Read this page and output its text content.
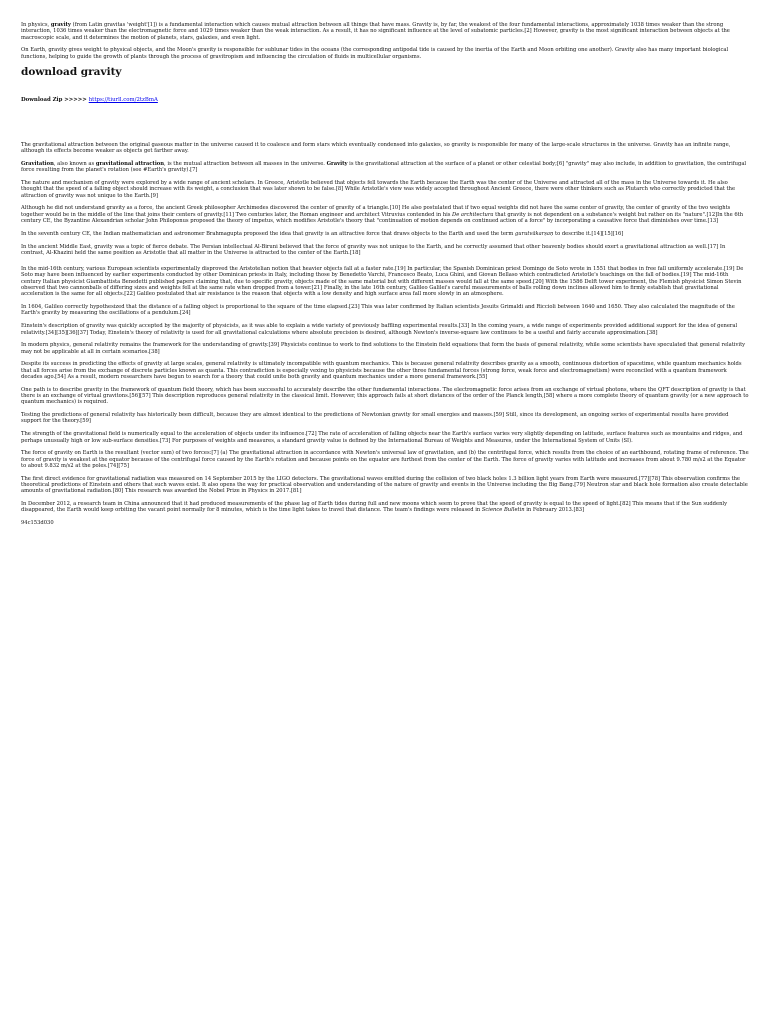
In physics, gravity (from Latin gravitas 'weight'[1]) is a fundamental interaction which causes mutual attraction between all things that have mass. Gravity is, by far, the weakest of the four fundamental interactions, approximately 1038 times weaker than the strong interaction, 1036 times weaker than the electromagnetic force and 1029 times weaker than the weak interaction. As a result, it has no significant influence at the level of subatomic particles.[2] However, gravity is the most significant interaction between objects at the macroscopic scale, and it determines the motion of planets, stars, galaxies, and even light.

On Earth, gravity gives weight to physical objects, and the Moon's gravity is responsible for sublunar tides in the oceans (the corresponding antipodal tide is caused by the inertia of the Earth and Moon orbiting one another). Gravity also has many important biological functions, helping to guide the growth of plants through the process of gravitropism and influencing the circulation of fluids in multicellular organisms.

download gravity

Download Zip >>>>> https://tiurll.com/2tzBmA

The gravitational attraction between the original gaseous matter in the universe caused it to coalesce and form stars which eventually condensed into galaxies, so gravity is responsible for many of the large-scale structures in the universe. Gravity has an infinite range, although its effects become weaker as objects get farther away.

Gravitation, also known as gravitational attraction, is the mutual attraction between all masses in the universe. Gravity is the gravitational attraction at the surface of a planet or other celestial body;[6] "gravity" may also include, in addition to gravitation, the centrifugal force resulting from the planet's rotation (see #Earth's gravity).[7]

The nature and mechanism of gravity were explored by a wide range of ancient scholars. In Greece, Aristotle believed that objects fell towards the Earth because the Earth was the center of the Universe and attracted all of the mass in the Universe towards it. He also thought that the speed of a falling object should increase with its weight, a conclusion that was later shown to be false.[8] While Aristotle's view was widely accepted throughout Ancient Greece, there were other thinkers such as Plutarch who correctly predicted that the attraction of gravity was not unique to the Earth.[9]

Although he did not understand gravity as a force, the ancient Greek philosopher Archimedes discovered the center of gravity of a triangle.[10] He also postulated that if two equal weights did not have the same center of gravity, the center of gravity of the two weights together would be in the middle of the line that joins their centers of gravity.[11] Two centuries later, the Roman engineer and architect Vitruvius contended in his De architectura that gravity is not dependent on a substance's weight but rather on its "nature".[12]In the 6th century CE, the Byzantine Alexandrian scholar John Philoponus proposed the theory of impetus, which modifies Aristotle's theory that "continuation of motion depends on continued action of a force" by incorporating a causative force that diminishes over time.[13]

In the seventh century CE, the Indian mathematician and astronomer Brahmagupta proposed the idea that gravity is an attractive force that draws objects to the Earth and used the term gurutvākarṣaṇ to describe it.[14][15][16]

In the ancient Middle East, gravity was a topic of fierce debate. The Persian intellectual Al-Biruni believed that the force of gravity was not unique to the Earth, and he correctly assumed that other heavenly bodies should exert a gravitational attraction as well.[17] In contrast, Al-Khazini held the same position as Aristotle that all matter in the Universe is attracted to the center of the Earth.[18]

In the mid-16th century, various European scientists experimentally disproved the Aristotelian notion that heavier objects fall at a faster rate.[19] In particular, the Spanish Dominican priest Domingo de Soto wrote in 1551 that bodies in free fall uniformly accelerate.[19] De Soto may have been influenced by earlier experiments conducted by other Dominican priests in Italy, including those by Benedetto Varchi, Francesco Beato, Luca Ghini, and Giovan Bellaso which contradicted Aristotle's teachings on the fall of bodies.[19] The mid-16th century Italian physicist Giambattista Benedetti published papers claiming that, due to specific gravity, objects made of the same material but with different masses would fall at the same speed.[20] With the 1586 Delft tower experiment, the Flemish physicist Simon Stevin observed that two cannonballs of differing sizes and weights fell at the same rate when dropped from a tower.[21] Finally, in the late 16th century, Galileo Galilei's careful measurements of balls rolling down inclines allowed him to firmly establish that gravitational acceleration is the same for all objects.[22] Galileo postulated that air resistance is the reason that objects with a low density and high surface area fall more slowly in an atmosphere.

In 1604, Galileo correctly hypothesized that the distance of a falling object is proportional to the square of the time elapsed.[23] This was later confirmed by Italian scientists Jesuits Grimaldi and Riccioli between 1640 and 1650. They also calculated the magnitude of the Earth's gravity by measuring the oscillations of a pendulum.[24]

Einstein's description of gravity was quickly accepted by the majority of physicists, as it was able to explain a wide variety of previously baffling experimental results.[33] In the coming years, a wide range of experiments provided additional support for the idea of general relativity.[34][35][36][37] Today, Einstein's theory of relativity is used for all gravitational calculations where absolute precision is desired, although Newton's inverse-square law continues to be a useful and fairly accurate approximation.[38]

In modern physics, general relativity remains the framework for the understanding of gravity.[39] Physicists continue to work to find solutions to the Einstein field equations that form the basis of general relativity, while some scientists have speculated that general relativity may not be applicable at all in certain scenarios.[38]

Despite its success in predicting the effects of gravity at large scales, general relativity is ultimately incompatible with quantum mechanics. This is because general relativity describes gravity as a smooth, continuous distortion of spacetime, while quantum mechanics holds that all forces arise from the exchange of discrete particles known as quanta. This contradiction is especially vexing to physicists because the other three fundamental forces (strong force, weak force and electromagnetism) were reconciled with a quantum framework decades ago.[54] As a result, modern researchers have begun to search for a theory that could unite both gravity and quantum mechanics under a more general framework.[55]

One path is to describe gravity in the framework of quantum field theory, which has been successful to accurately describe the other fundamental interactions. The electromagnetic force arises from an exchange of virtual photons, where the QFT description of gravity is that there is an exchange of virtual gravitons.[56][57] This description reproduces general relativity in the classical limit. However, this approach fails at short distances of the order of the Planck length,[58] where a more complete theory of quantum gravity (or a new approach to quantum mechanics) is required.

Testing the predictions of general relativity has historically been difficult, because they are almost identical to the predictions of Newtonian gravity for small energies and masses.[59] Still, since its development, an ongoing series of experimental results have provided support for the theory.[59]

The strength of the gravitational field is numerically equal to the acceleration of objects under its influence.[72] The rate of acceleration of falling objects near the Earth's surface varies very slightly depending on latitude, surface features such as mountains and ridges, and perhaps unusually high or low sub-surface densities.[73] For purposes of weights and measures, a standard gravity value is defined by the International Bureau of Weights and Measures, under the International System of Units (SI).

The force of gravity on Earth is the resultant (vector sum) of two forces:[7] (a) The gravitational attraction in accordance with Newton's universal law of gravitation, and (b) the centrifugal force, which results from the choice of an earthbound, rotating frame of reference. The force of gravity is weakest at the equator because of the centrifugal force caused by the Earth's rotation and because points on the equator are furthest from the center of the Earth. The force of gravity varies with latitude and increases from about 9.780 m/s2 at the Equator to about 9.832 m/s2 at the poles.[74][75]

The first direct evidence for gravitational radiation was measured on 14 September 2015 by the LIGO detectors. The gravitational waves emitted during the collision of two black holes 1.3 billion light years from Earth were measured.[77][78] This observation confirms the theoretical predictions of Einstein and others that such waves exist. It also opens the way for practical observation and understanding of the nature of gravity and events in the Universe including the Big Bang.[79] Neutron star and black hole formation also create detectable amounts of gravitational radiation.[80] This research was awarded the Nobel Prize in Physics in 2017.[81]

In December 2012, a research team in China announced that it had produced measurements of the phase lag of Earth tides during full and new moons which seem to prove that the speed of gravity is equal to the speed of light.[82] This means that if the Sun suddenly disappeared, the Earth would keep orbiting the vacant point normally for 8 minutes, which is the time light takes to travel that distance. The team's findings were released in Science Bulletin in February 2013.[83]

94c153d030
